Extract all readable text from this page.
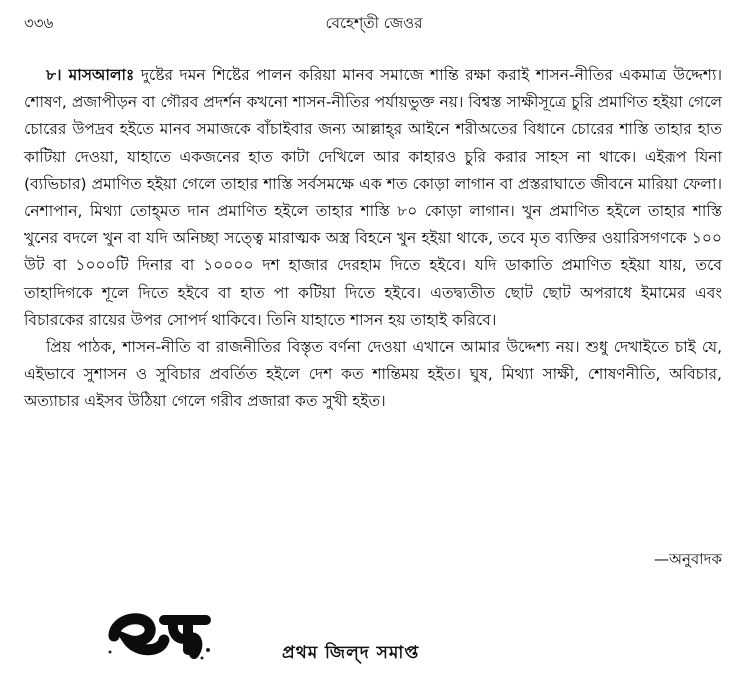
৩৩৬	বেহেশ্‌তী জেওর

৮। মাসআলাঃ দুষ্টের দমন শিষ্টের পালন করিয়া মানব সমাজে শান্তি রক্ষা করাই শাসন-নীতির একমাত্র উদ্দেশ্য। শোষণ, প্রজাপীড়ন বা গৌরব প্রদর্শন কখনো শাসন-নীতির পর্যায়ভুক্ত নয়। বিশ্বস্ত সাক্ষীসূত্রে চুরি প্রমাণিত হইয়া গেলে চোরের উপদ্রব হইতে মানব সমাজকে বাঁচাইবার জন্য আল্লাহ্‌র আইনে শরীঅতের বিধানে চোরের শাস্তি তাহার হাত কাটিয়া দেওয়া, যাহাতে একজনের হাত কাটা দেখিলে আর কাহারও চুরি করার সাহস না থাকে। এইরূপ যিনা (ব্যভিচার) প্রমাণিত হইয়া গেলে তাহার শাস্তি সর্বসমক্ষে এক শত কোড়া লাগান বা প্রস্তরাঘাতে জীবনে মারিয়া ফেলা। নেশাপান, মিথ্যা তোহ্‌মত দান প্রমাণিত হইলে তাহার শাস্তি ৮০ কোড়া লাগান। খুন প্রমাণিত হইলে তাহার শাস্তি খুনের বদলে খুন বা যদি অনিচ্ছা সত্ত্বে মারাত্মক অস্ত্র বিহনে খুন হইয়া থাকে, তবে মৃত ব্যক্তির ওয়ারিসগণকে ১০০ উট বা ১০০০টি দিনার বা ১০০০০ দশ হাজার দেরহাম দিতে হইবে। যদি ডাকাতি প্রমাণিত হইয়া যায়, তবে তাহাদিগকে শূলে দিতে হইবে বা হাত পা কটিয়া দিতে হইবে। এতদ্ব্যতীত ছোট ছোট অপরাধে ইমামের এবং বিচারকের রায়ের উপর সোপর্দ থাকিবে। তিনি যাহাতে শাসন হয় তাহাই করিবে।

প্রিয় পাঠক, শাসন-নীতি বা রাজনীতির বিস্তৃত বর্ণনা দেওয়া এখানে আমার উদ্দেশ্য নয়। শুধু দেখাইতে চাই যে, এইভাবে সুশাসন ও সুবিচার প্রবর্তিত হইলে দেশ কত শান্তিময় হইত। ঘুষ, মিথ্যা সাক্ষী, শোষণনীতি, অবিচার, অত্যাচার এইসব উঠিয়া গেলে গরীব প্রজারা কত সুখী হইত।

—অনুবাদক
প্রথম জিল্‌দ সমাপ্ত
